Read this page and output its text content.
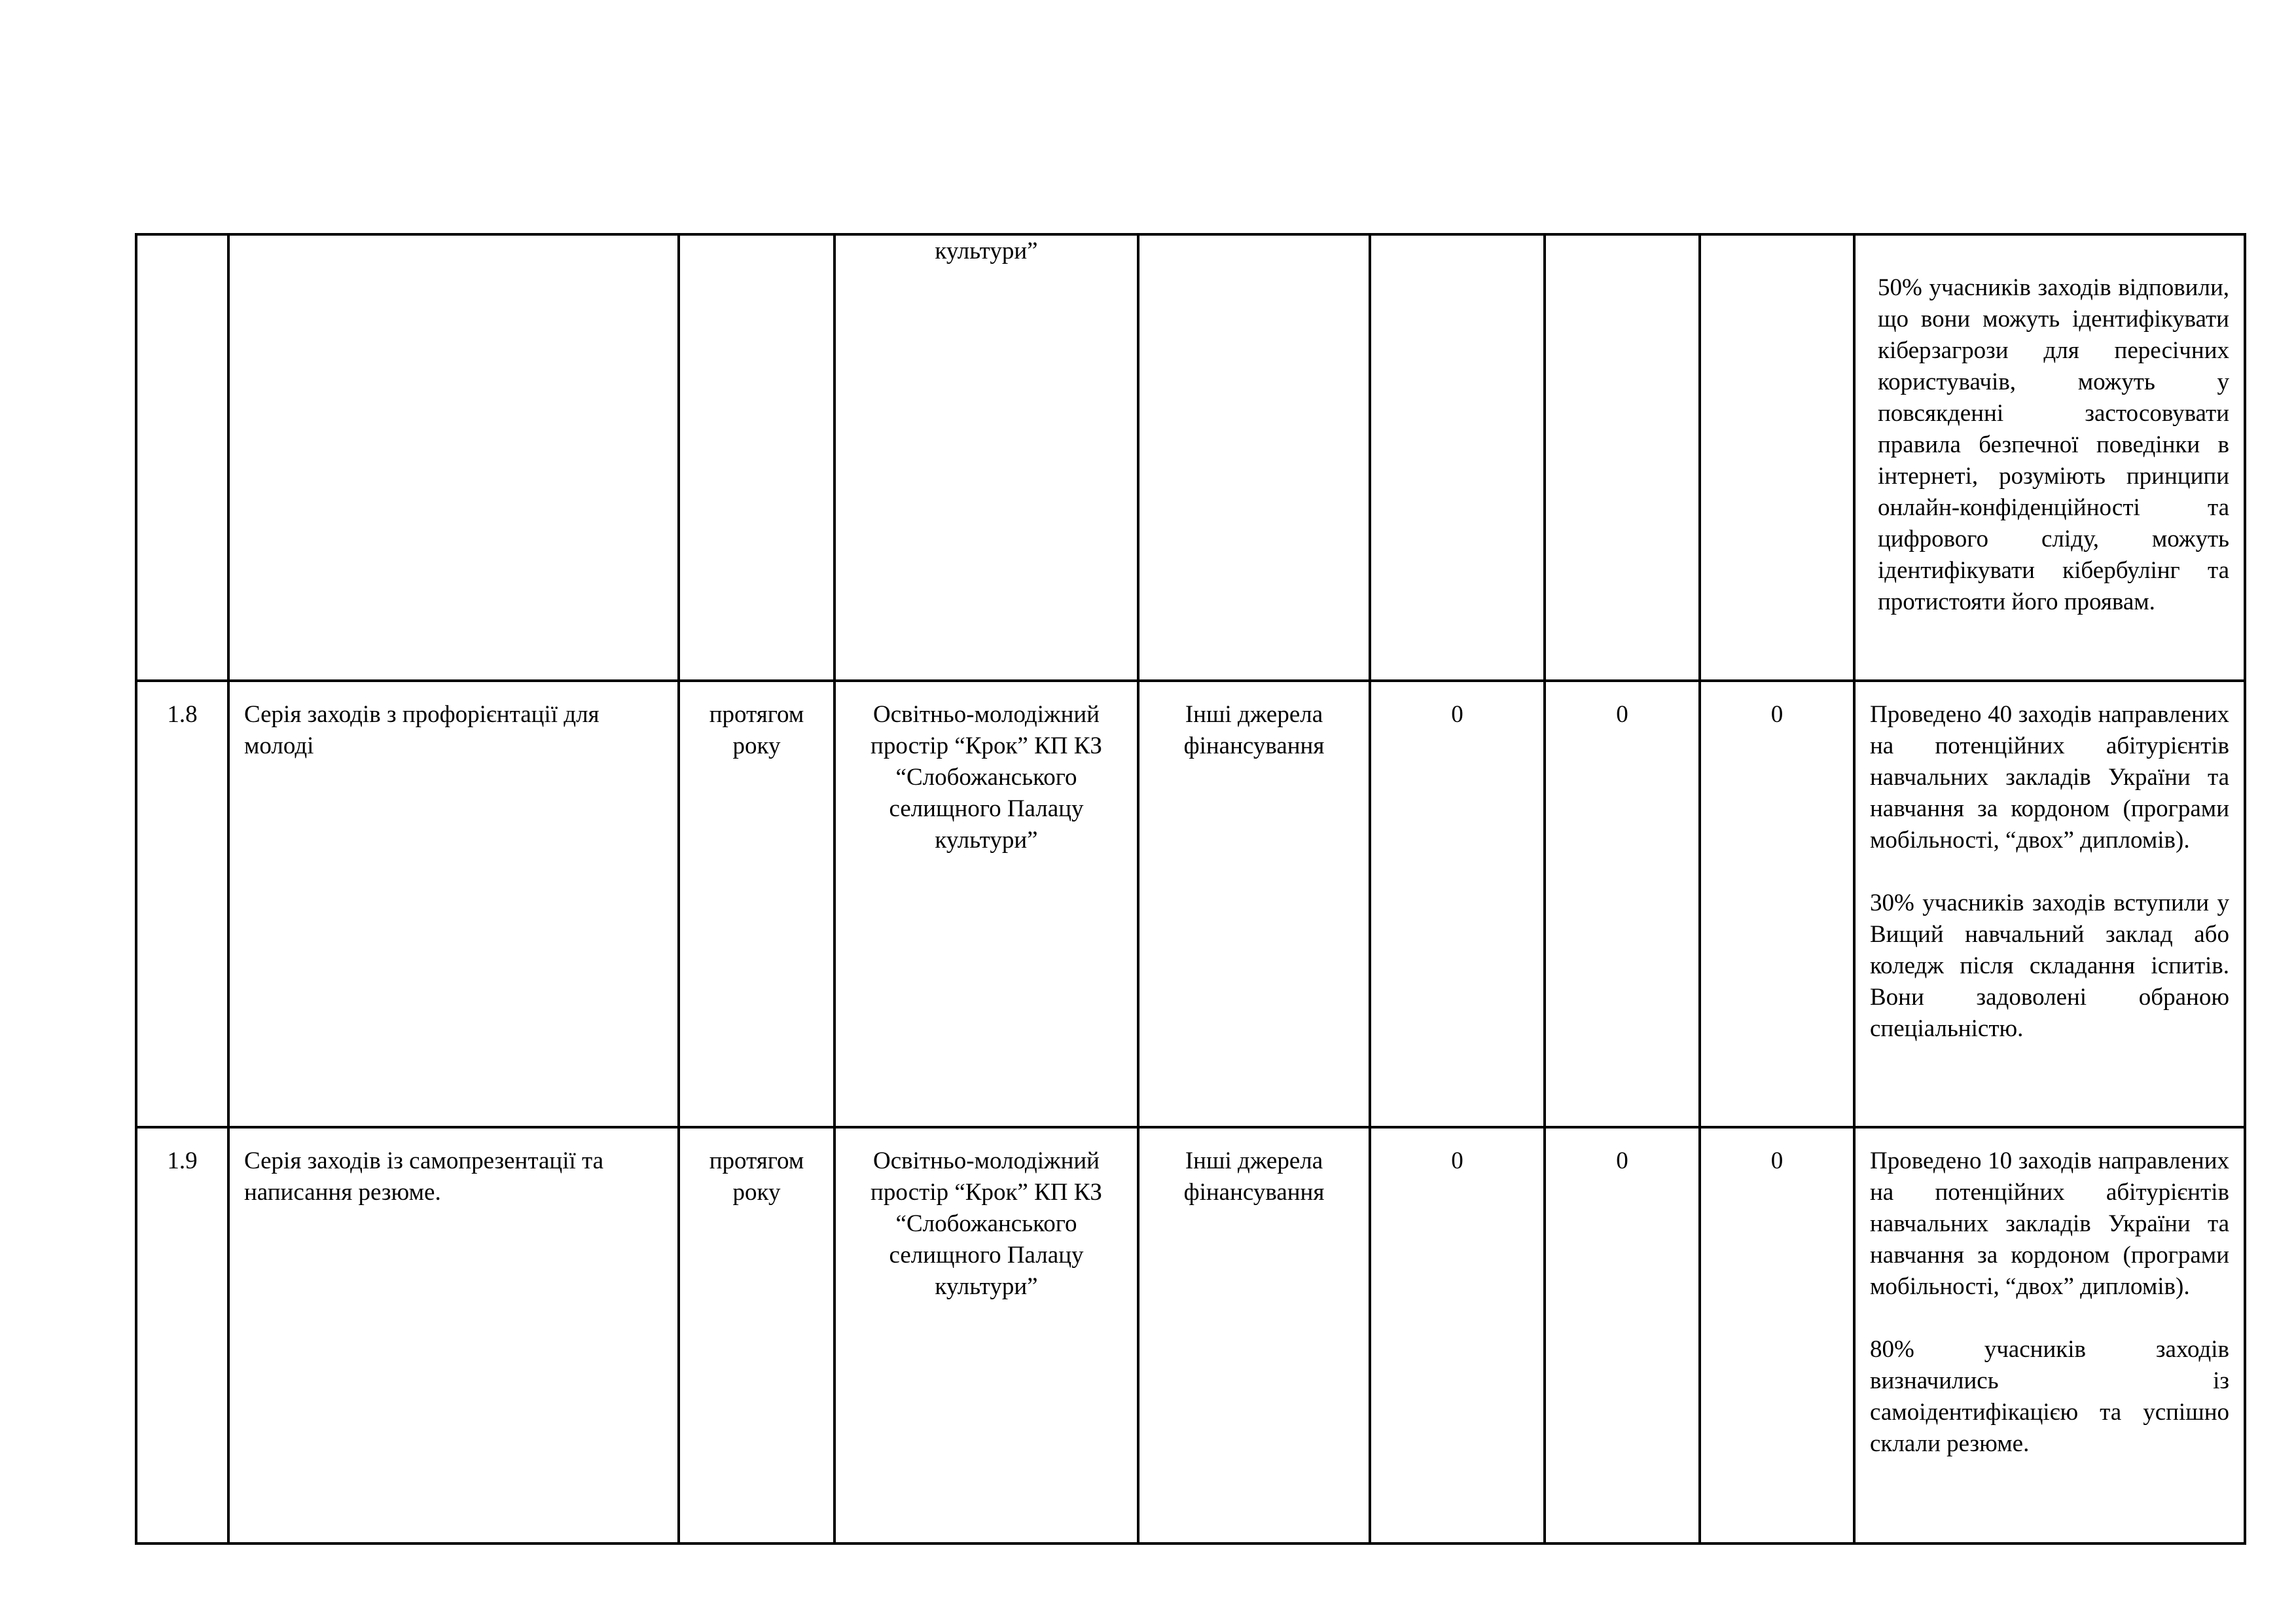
			культури”					50% учасників заходів відповили, що вони можуть ідентифікувати кіберзагрози для пересічних користувачів, можуть у повсякденні застосовувати правила безпечної поведінки в інтернеті, розуміють принципи онлайн-конфіденційності та цифрового сліду, можуть ідентифікувати кібербулінг та протистояти його проявам.

1.8	Серія заходів з профорієнтації для молоді	протягом року	Освітньо-молодіжний простір “Крок” КП КЗ “Слобожанського селищного Палацу культури”	Інші джерела фінансування	0	0	0	Проведено 40 заходів направлених на потенційних абітурієнтів навчальних закладів України та навчання за кордоном (програми мобільності, “двох” дипломів).
30% учасників заходів вступили у Вищий навчальний заклад або коледж після складання іспитів. Вони задоволені обраною спеціальністю.

1.9	Серія заходів із самопрезентації та написання резюме.	протягом року	Освітньо-молодіжний простір “Крок” КП КЗ “Слобожанського селищного Палацу культури”	Інші джерела фінансування	0	0	0	Проведено 10 заходів направлених на потенційних абітурієнтів навчальних закладів України та навчання за кордоном (програми мобільності, “двох” дипломів).
80% учасників заходів визначились із самоідентифікацією та успішно склали резюме.
